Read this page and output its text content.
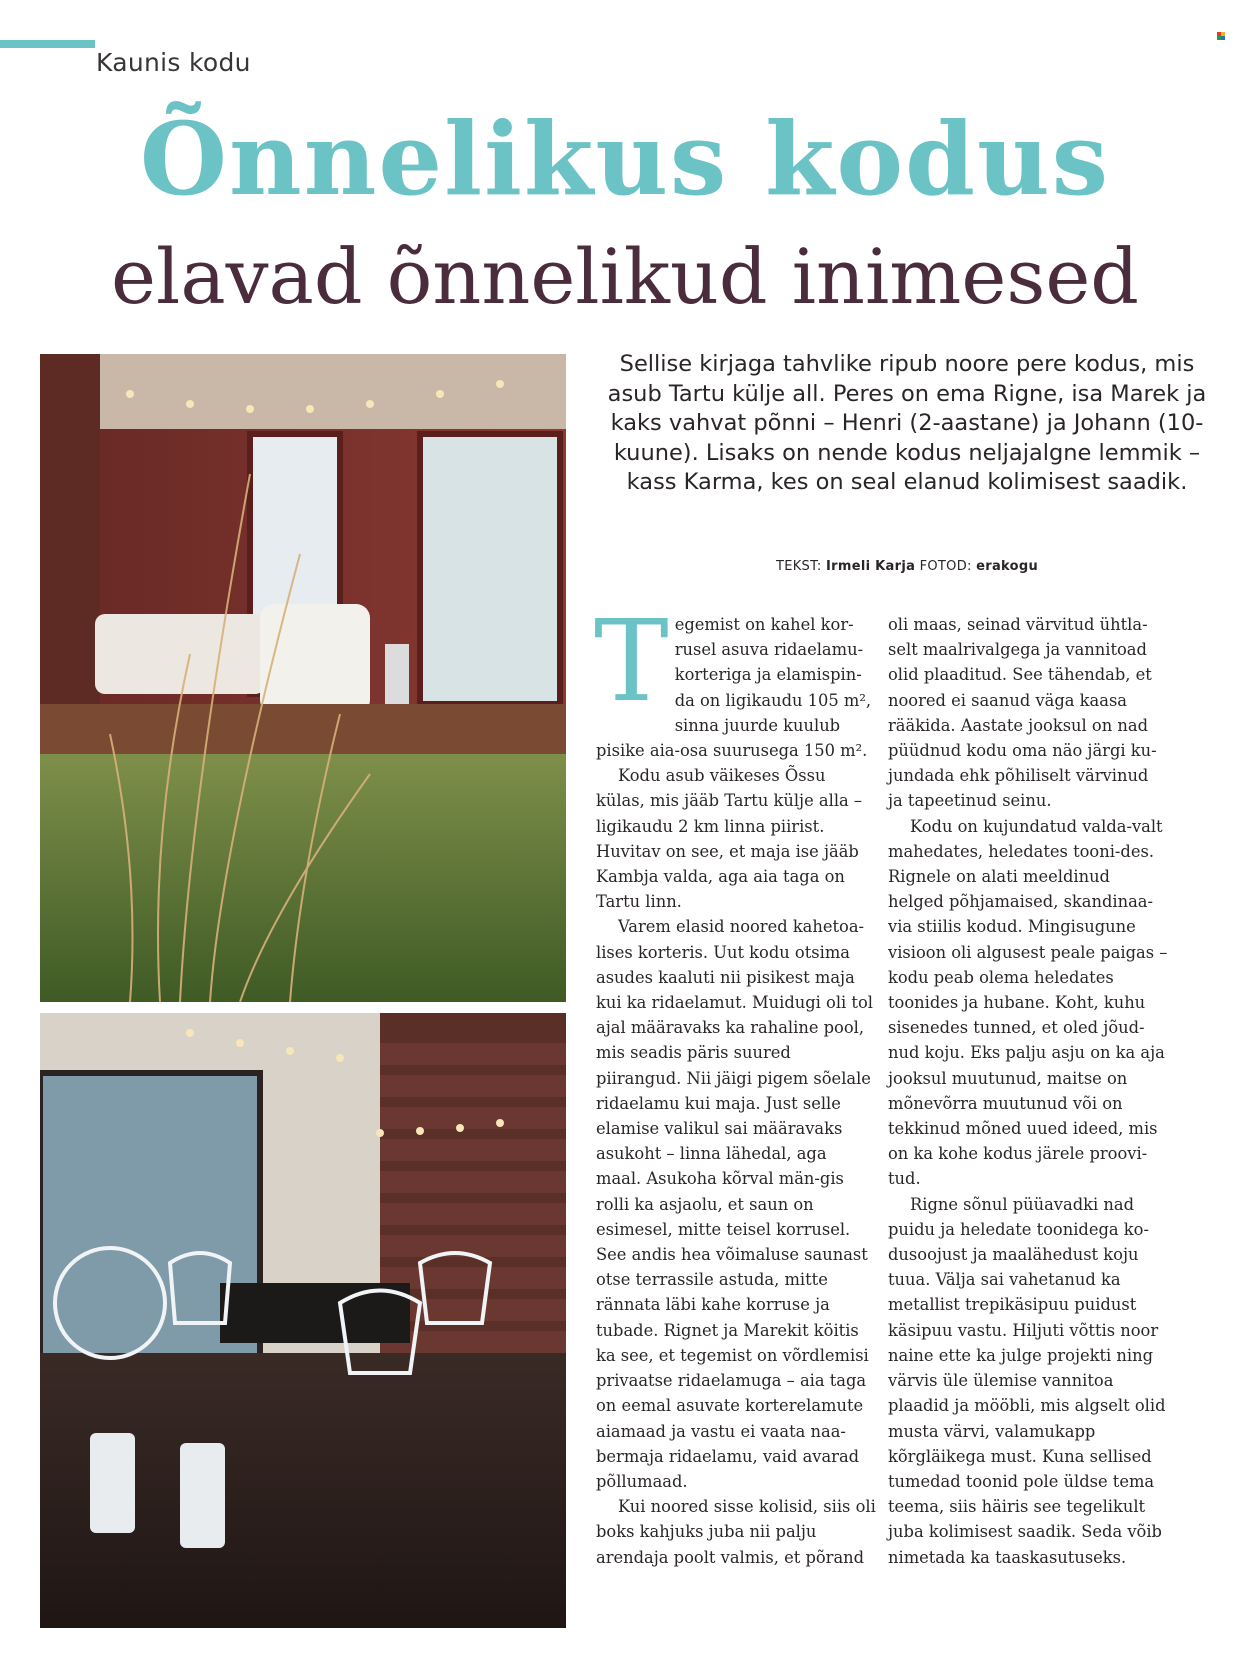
Kaunis kodu
Õnnelikus kodus
elavad õnnelikud inimesed
Sellise kirjaga tahvlike ripub noore pere kodus, mis asub Tartu külje all. Peres on ema Rigne, isa Marek ja kaks vahvat põnni – Henri (2-aastane) ja Johann (10-kuune). Lisaks on nende kodus neljajalgne lemmik – kass Karma, kes on seal elanud kolimisest saadik.
TEKST: Irmeli Karja FOTOD: erakogu

T egemist on kahel kor-
rusel asuva ridaelamu-
korteriga ja elamispin-
da on ligikaudu 105 m²,
sinna juurde kuulub pisike aia-osa suurusega 150 m².

Kodu asub väikeses Õssu külas, mis jääb Tartu külje alla – ligikaudu 2 km linna piirist. Huvitav on see, et maja ise jääb Kambja valda, aga aia taga on Tartu linn.

Varem elasid noored kahetoa-lises korteris. Uut kodu otsima asudes kaaluti nii pisikest maja kui ka ridaelamut. Muidugi oli tol ajal määravaks ka rahaline pool, mis seadis päris suured piirangud. Nii jäigi pigem sõelale ridaelamu kui maja. Just selle elamise valikul sai määravaks asukoht – linna lähedal, aga maal. Asukoha kõrval män-gis rolli ka asjaolu, et saun on esimesel, mitte teisel korrusel. See andis hea võimaluse saunast otse terrassile astuda, mitte rännata läbi kahe korruse ja tubade. Rignet ja Marekit köitis ka see, et tegemist on võrdlemisi privaatse ridaelamuga – aia taga on eemal asuvate korterelamute aiamaad ja vastu ei vaata naa-bermaja ridaelamu, vaid avarad põllumaad.

Kui noored sisse kolisid, siis oli boks kahjuks juba nii palju arendaja poolt valmis, et põrand

oli maas, seinad värvitud ühtla-selt maalrivalgega ja vannitoad olid plaaditud. See tähendab, et noored ei saanud väga kaasa rääkida. Aastate jooksul on nad püüdnud kodu oma näo järgi ku-jundada ehk põhiliselt värvinud ja tapeetinud seinu.

Kodu on kujundatud valda-valt mahedates, heledates tooni-des. Rignele on alati meeldinud helged põhjamaised, skandinaa-via stiilis kodud. Mingisugune visioon oli algusest peale paigas – kodu peab olema heledates toonides ja hubane. Koht, kuhu sisenedes tunned, et oled jõud-nud koju. Eks palju asju on ka aja jooksul muutunud, maitse on mõnevõrra muutunud või on tekkinud mõned uued ideed, mis on ka kohe kodus järele proovi-tud.

Rigne sõnul püüavadki nad puidu ja heledate toonidega ko-dusoojust ja maalähedust koju tuua. Välja sai vahetanud ka metallist trepikäsipuu puidust käsipuu vastu. Hiljuti võttis noor naine ette ka julge projekti ning värvis üle ülemise vannitoa plaadid ja mööbli, mis algselt olid musta värvi, valamukapp kõrgläikega must. Kuna sellised tumedad toonid pole üldse tema teema, siis häiris see tegelikult juba kolimisest saadik. Seda võib nimetada ka taaskasutuseks.
